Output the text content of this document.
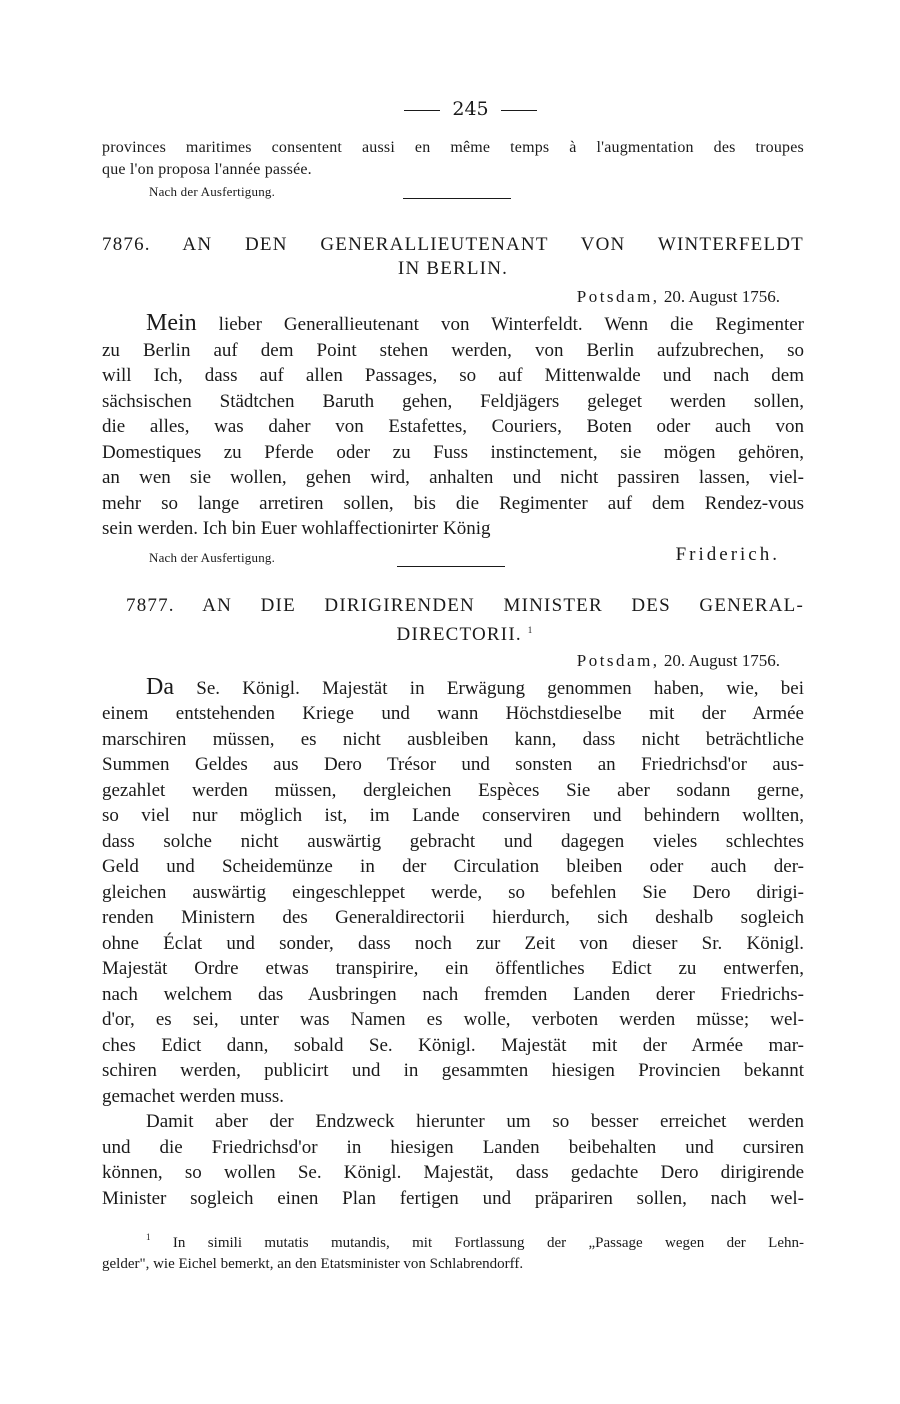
245
provinces maritimes consentent aussi en même temps à l'augmentation des troupes
que l'on proposa l'année passée.
Nach der Ausfertigung.
7876. AN DEN GENERALLIEUTENANT VON WINTERFELDT
IN BERLIN.
Potsdam, 20. August 1756.
Mein lieber Generallieutenant von Winterfeldt. Wenn die Regimenter
zu Berlin auf dem Point stehen werden, von Berlin aufzubrechen, so
will Ich, dass auf allen Passages, so auf Mittenwalde und nach dem
sächsischen Städtchen Baruth gehen, Feldjägers geleget werden sollen,
die alles, was daher von Estafettes, Couriers, Boten oder auch von
Domestiques zu Pferde oder zu Fuss instinctement, sie mögen gehören,
an wen sie wollen, gehen wird, anhalten und nicht passiren lassen, viel-
mehr so lange arretiren sollen, bis die Regimenter auf dem Rendez-vous
sein werden. Ich bin Euer wohlaffectionirter König
Nach der Ausfertigung.	Friderich.
7877. AN DIE DIRIGIRENDEN MINISTER DES GENERAL-
DIRECTORII. $^1$
Potsdam, 20. August 1756.
Da Se. Königl. Majestät in Erwägung genommen haben, wie, bei
einem entstehenden Kriege und wann Höchstdieselbe mit der Armée
marschiren müssen, es nicht ausbleiben kann, dass nicht beträchtliche
Summen Geldes aus Dero Trésor und sonsten an Friedrichsd'or aus-
gezahlet werden müssen, dergleichen Espèces Sie aber sodann gerne,
so viel nur möglich ist, im Lande conserviren und behindern wollten,
dass solche nicht auswärtig gebracht und dagegen vieles schlechtes
Geld und Scheidemünze in der Circulation bleiben oder auch der-
gleichen auswärtig eingeschleppet werde, so befehlen Sie Dero dirigi-
renden Ministern des Generaldirectorii hierdurch, sich deshalb sogleich
ohne Éclat und sonder, dass noch zur Zeit von dieser Sr. Königl.
Majestät Ordre etwas transpirire, ein öffentliches Edict zu entwerfen,
nach welchem das Ausbringen nach fremden Landen derer Friedrichs-
d'or, es sei, unter was Namen es wolle, verboten werden müsse; wel-
ches Edict dann, sobald Se. Königl. Majestät mit der Armée mar-
schiren werden, publicirt und in gesammten hiesigen Provincien bekannt
gemachet werden muss.
Damit aber der Endzweck hierunter um so besser erreichet werden
und die Friedrichsd'or in hiesigen Landen beibehalten und cursiren
können, so wollen Se. Königl. Majestät, dass gedachte Dero dirigirende
Minister sogleich einen Plan fertigen und präpariren sollen, nach wel-
$^1$ In simili mutatis mutandis, mit Fortlassung der „Passage wegen der Lehn-
gelder", wie Eichel bemerkt, an den Etatsminister von Schlabrendorff.
